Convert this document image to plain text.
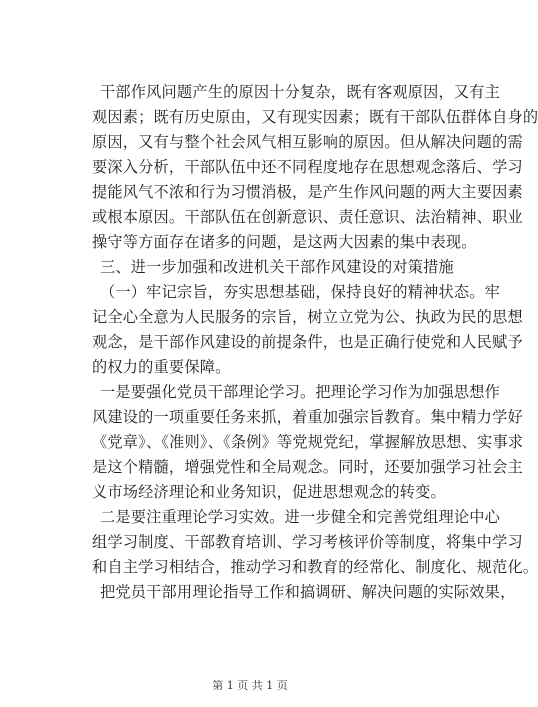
干部作风问题产生的原因十分复杂，既有客观原因，又有主
观因素；既有历史原由，又有现实因素；既有干部队伍群体自身的
原因，又有与整个社会风气相互影响的原因。但从解决问题的需
要深入分析，干部队伍中还不同程度地存在思想观念落后、学习
提能风气不浓和行为习惯消极，是产生作风问题的两大主要因素
或根本原因。干部队伍在创新意识、责任意识、法治精神、职业
操守等方面存在诸多的问题，是这两大因素的集中表现。
三、进一步加强和改进机关干部作风建设的对策措施
（一）牢记宗旨，夯实思想基础，保持良好的精神状态。牢
记全心全意为人民服务的宗旨，树立立党为公、执政为民的思想
观念，是干部作风建设的前提条件，也是正确行使党和人民赋予
的权力的重要保障。
一是要强化党员干部理论学习。把理论学习作为加强思想作
风建设的一项重要任务来抓，着重加强宗旨教育。集中精力学好
《党章》、《准则》、《条例》等党规党纪，掌握解放思想、实事求
是这个精髓，增强党性和全局观念。同时，还要加强学习社会主
义市场经济理论和业务知识，促进思想观念的转变。
二是要注重理论学习实效。进一步健全和完善党组理论中心
组学习制度、干部教育培训、学习考核评价等制度，将集中学习
和自主学习相结合，推动学习和教育的经常化、制度化、规范化。
把党员干部用理论指导工作和搞调研、解决问题的实际效果，
第 1 页 共 1 页
